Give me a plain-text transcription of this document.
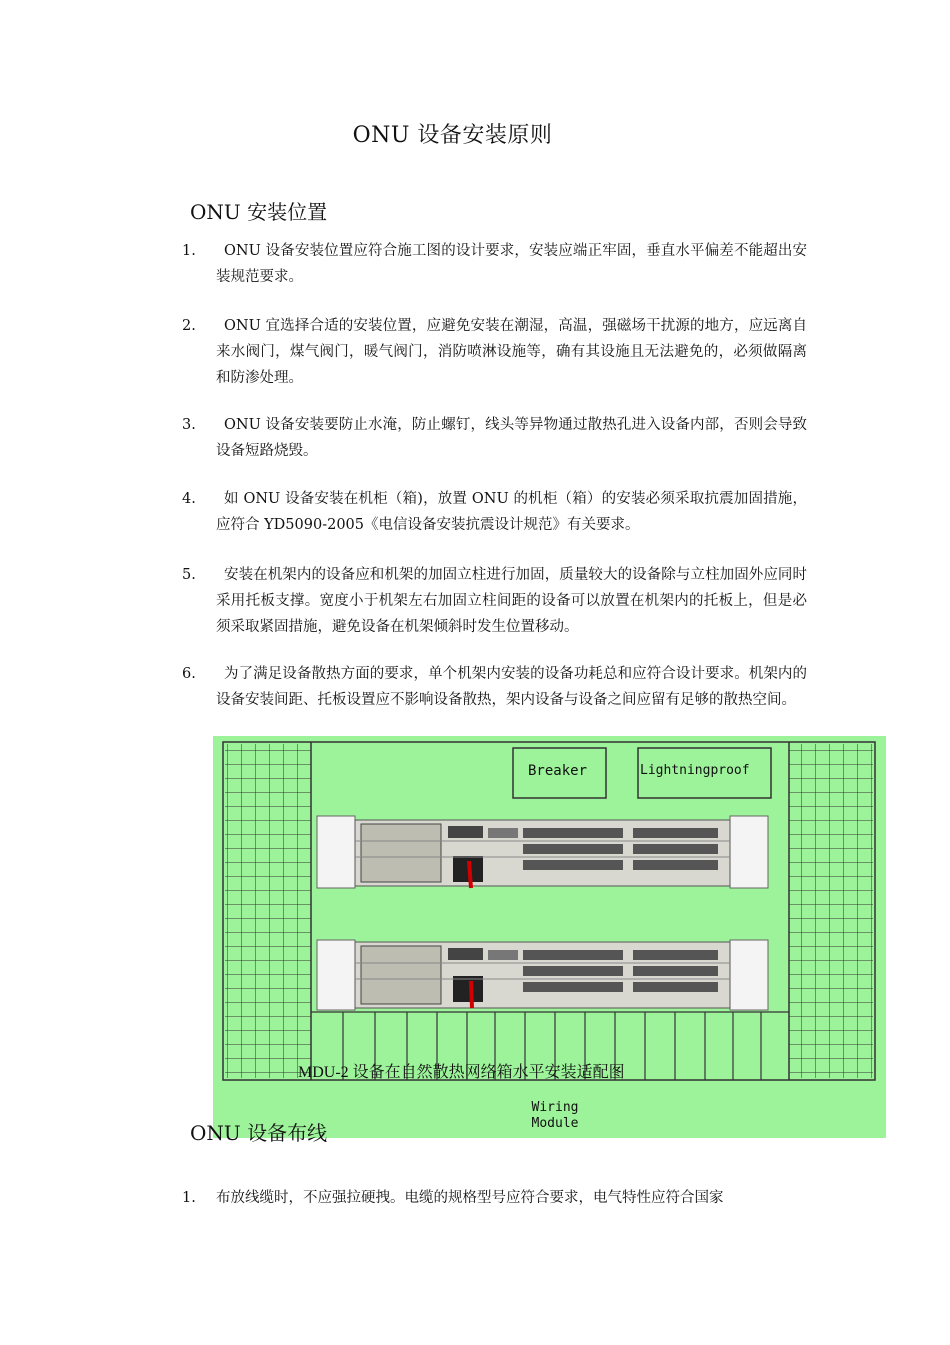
ONU 设备安装原则
ONU 安装位置
1.	ONU 设备安装位置应符合施工图的设计要求，安装应端正牢固，垂直水平偏差不能超出安装规范要求。
2.	ONU 宜选择合适的安装位置，应避免安装在潮湿，高温，强磁场干扰源的地方，应远离自来水阀门，煤气阀门，暖气阀门，消防喷淋设施等，确有其设施且无法避免的，必须做隔离和防渗处理。
3.	ONU 设备安装要防止水淹，防止螺钉，线头等异物通过散热孔进入设备内部，否则会导致设备短路烧毁。
4.	如 ONU 设备安装在机柜（箱)，放置 ONU 的机柜（箱）的安装必须采取抗震加固措施，应符合 YD5090-2005《电信设备安装抗震设计规范》有关要求。
5.	安装在机架内的设备应和机架的加固立柱进行加固，质量较大的设备除与立柱加固外应同时采用托板支撑。宽度小于机架左右加固立柱间距的设备可以放置在机架内的托板上，但是必须采取紧固措施，避免设备在机架倾斜时发生位置移动。
6.	为了满足设备散热方面的要求，单个机架内安装的设备功耗总和应符合设计要求。机架内的设备安装间距、托板设置应不影响设备散热，架内设备与设备之间应留有足够的散热空间。
Breaker	Lightningproof
MDU-2 设备在自然散热网络箱水平安装适配图
Wiring
Module
ONU 设备布线
1. 布放线缆时，不应强拉硬拽。电缆的规格型号应符合要求，电气特性应符合国家
